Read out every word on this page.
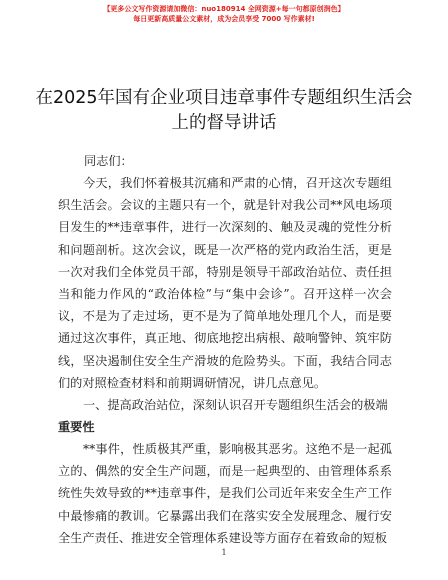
【更多公文写作资源请加微信：nuo180914 全网资源+每一句都原创润色】
每日更新高质量公文素材，成为会员享受 7000 写作素材!
在2025年国有企业项目违章事件专题组织生活会上的督导讲话
同志们：
今天，我们怀着极其沉痛和严肃的心情，召开这次专题组织生活会。会议的主题只有一个，就是针对我公司**风电场项目发生的**违章事件，进行一次深刻的、触及灵魂的党性分析和问题剖析。这次会议，既是一次严格的党内政治生活，更是一次对我们全体党员干部，特别是领导干部政治站位、责任担当和能力作风的“政治体检”与“集中会诊”。召开这样一次会议，不是为了走过场，更不是为了简单地处理几个人，而是要通过这次事件，真正地、彻底地挖出病根、敲响警钟、筑牢防线，坚决遏制住安全生产滑坡的危险势头。下面，我结合同志们的对照检查材料和前期调研情况，讲几点意见。
一、提高政治站位，深刻认识召开专题组织生活会的极端
重要性
**事件，性质极其严重，影响极其恶劣。这绝不是一起孤立的、偶然的安全生产问题，而是一起典型的、由管理体系系统性失效导致的**违章事件，是我们公司近年来安全生产工作中最惨痛的教训。它暴露出我们在落实安全发展理念、履行安全生产责任、推进安全管理体系建设等方面存在着致命的短板
1
